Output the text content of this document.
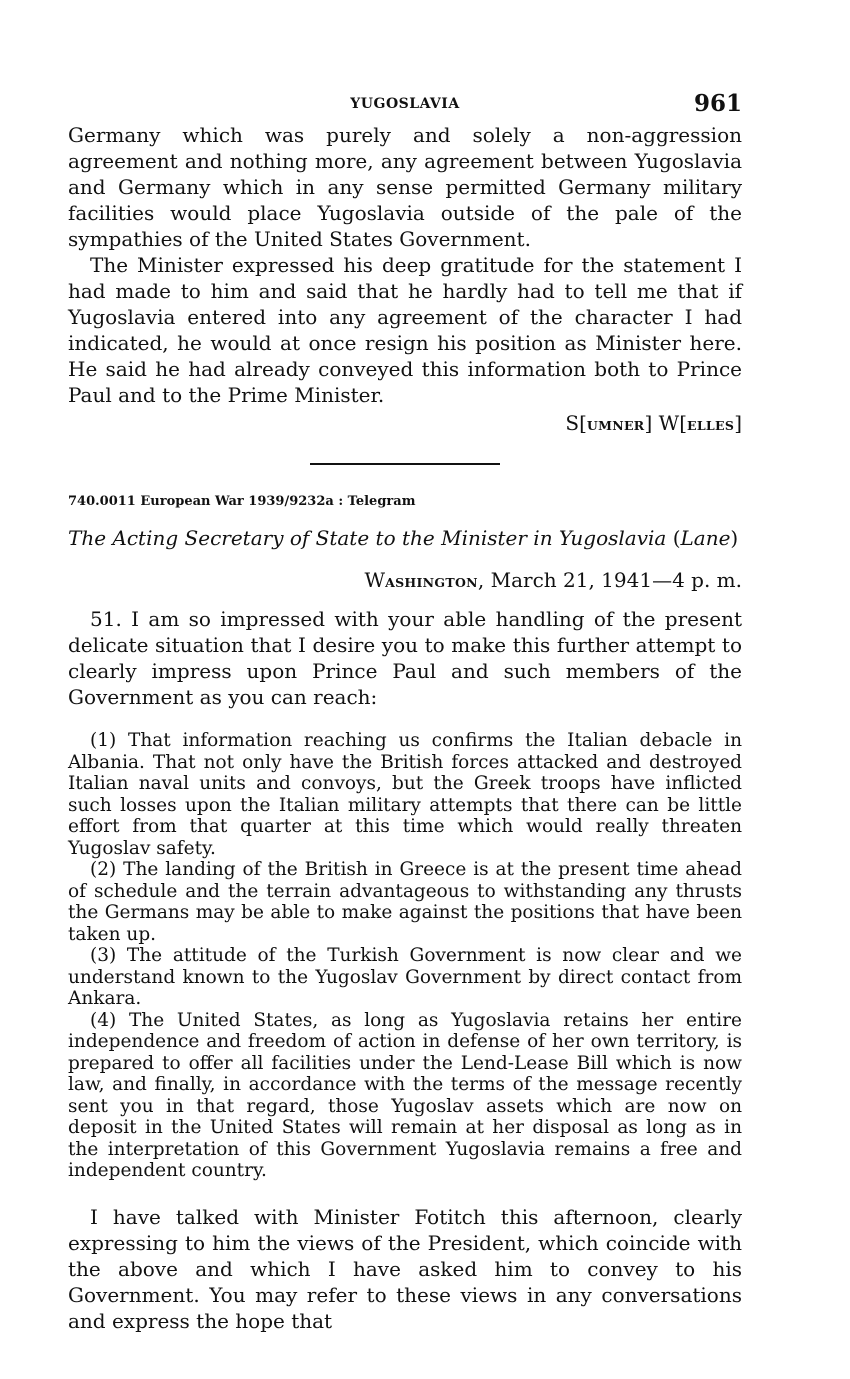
YUGOSLAVIA	961

Germany which was purely and solely a non-aggression agreement and nothing more, any agreement between Yugoslavia and Germany which in any sense permitted Germany military facilities would place Yugoslavia outside of the pale of the sympathies of the United States Government.

The Minister expressed his deep gratitude for the statement I had made to him and said that he hardly had to tell me that if Yugoslavia entered into any agreement of the character I had indicated, he would at once resign his position as Minister here. He said he had already conveyed this information both to Prince Paul and to the Prime Minister.

S[UMNER] W[ELLES]
740.0011 European War 1939/9232a : Telegram
The Acting Secretary of State to the Minister in Yugoslavia (Lane)
WASHINGTON, March 21, 1941—4 p. m.

51. I am so impressed with your able handling of the present delicate situation that I desire you to make this further attempt to clearly impress upon Prince Paul and such members of the Government as you can reach:

(1) That information reaching us confirms the Italian debacle in Albania. That not only have the British forces attacked and destroyed Italian naval units and convoys, but the Greek troops have inflicted such losses upon the Italian military attempts that there can be little effort from that quarter at this time which would really threaten Yugoslav safety.

(2) The landing of the British in Greece is at the present time ahead of schedule and the terrain advantageous to withstanding any thrusts the Germans may be able to make against the positions that have been taken up.

(3) The attitude of the Turkish Government is now clear and we understand known to the Yugoslav Government by direct contact from Ankara.

(4) The United States, as long as Yugoslavia retains her entire independence and freedom of action in defense of her own territory, is prepared to offer all facilities under the Lend-Lease Bill which is now law, and finally, in accordance with the terms of the message recently sent you in that regard, those Yugoslav assets which are now on deposit in the United States will remain at her disposal as long as in the interpretation of this Government Yugoslavia remains a free and independent country.

I have talked with Minister Fotitch this afternoon, clearly expressing to him the views of the President, which coincide with the above and which I have asked him to convey to his Government. You may refer to these views in any conversations and express the hope that
